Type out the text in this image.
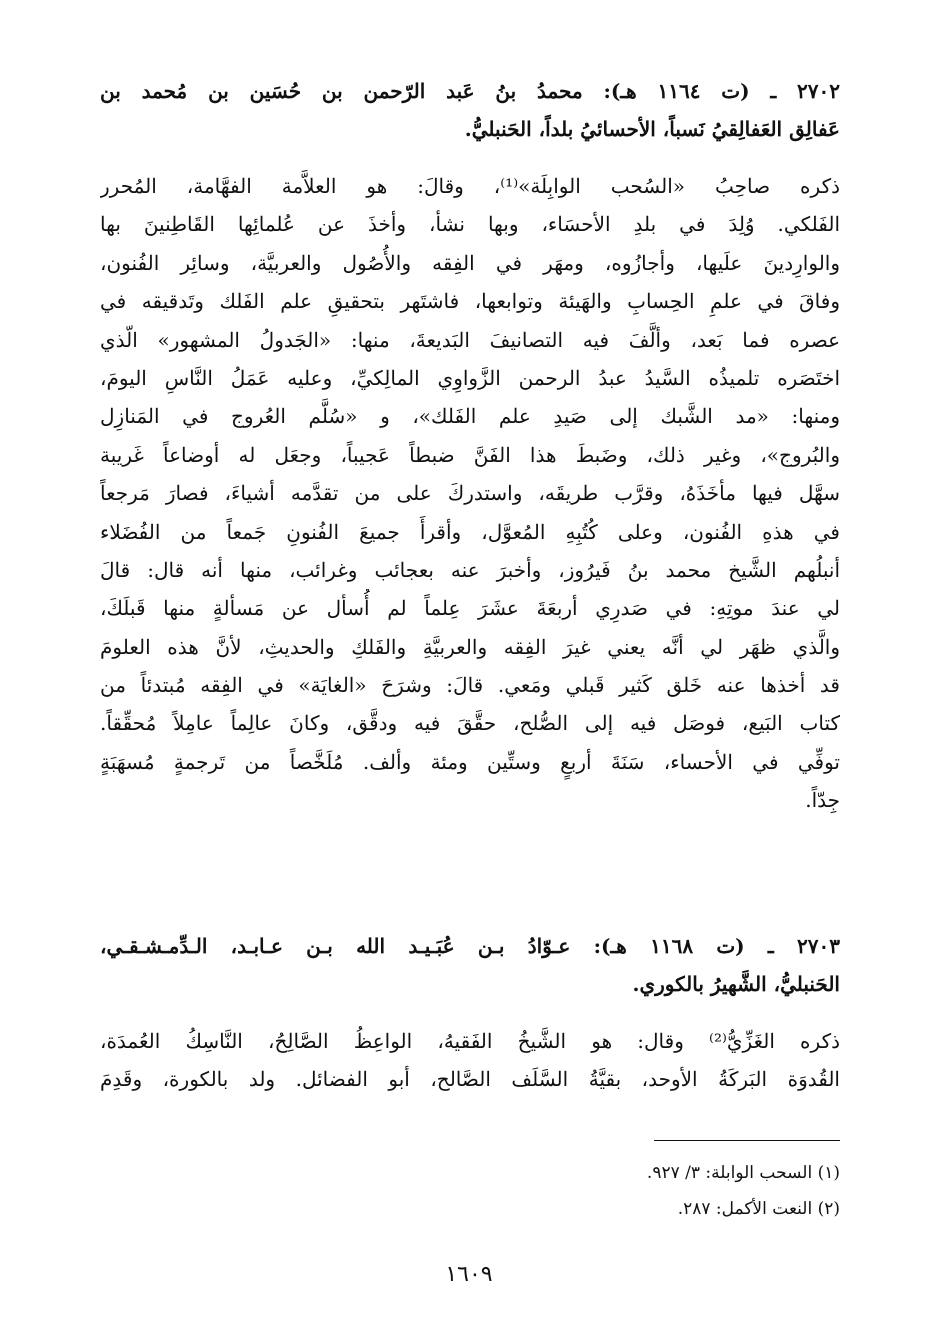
٢٧٠٢ ـ (ت ١١٦٤ هـ): محمدُ بنُ عَبد الرّحمن بن حُسَين بن مُحمد بن
عَفالِق العَفالِقيُ نَسباً، الأحسائيُ بلداً، الحَنبليُّ.
ذكره صاحِبُ «السُحب الوابِلَة»⁽¹⁾، وقالَ: هو العلاَّمة الفهَّامة، المُحرر
الفَلكي. وُلِدَ في بلدِ الأحسَاء، وبها نشأ، وأخذَ عن عُلمائِها القَاطِنينَ بها
والوارِدينَ علَيها، وأجازُوه، ومهَر في الفِقه والأُصُول والعربيَّة، وسائِر الفُنون،
وفاقَ في علمِ الحِسابِ والهَيئة وتوابعها، فاشتَهر بتحقيقِ علم الفَلك وتَدقيقه في
عصره فما بَعد، وألَّفَ فيه التصانيفَ البَديعةَ، منها: «الجَدولُ المشهور» الّذي
اختَصَره تلميذُه السَّيدُ عبدُ الرحمن الزَّواوِي المالِكيِّ، وعليه عَمَلُ النَّاسِ اليومَ،
ومنها: «مد الشَّبك إلى صَيدِ علم الفَلك»، و «سُلَّم العُروج في المَنازِل
والبُروج»، وغير ذلك، وضَبطَ هذا الفَنَّ ضبطاً عَجيباً، وجعَل له أوضاعاً غَريبة
سهَّل فيها مأخَذَهُ، وقرَّب طريقَه، واستدركَ على من تقدَّمه أشياءَ، فصارَ مَرجعاً
في هذهِ الفُنون، وعلى كُتُبِهِ المُعوَّل، وأقرأَ جميعَ الفُنونِ جَمعاً من الفُضَلاء
أنبلُهم الشَّيخ محمد بنُ فَيرُوز، وأخبرَ عنه بعجائب وغرائب، منها أنه قال: قالَ
لي عندَ موتِهِ: في صَدرِي أربعَةَ عشَرَ عِلماً لم أُسأل عن مَسألةٍ منها قَبلَكَ،
والَّذي ظهَر لي أنَّه يعني غيرَ الفِقه والعربيَّةِ والفَلكِ والحديثِ، لأنَّ هذه العلومَ
قد أخذها عنه خَلق كَثير قَبلي ومَعي. قالَ: وشرَحَ «الغايَة» في الفِقه مُبتدئاً من
كتاب البَيع، فوصَل فيه إلى الصُّلح، حقَّقَ فيه ودقَّق، وكانَ عالِماً عامِلاً مُحقِّقاً.
توفِّي في الأحساء، سَنَةَ أربعٍ وستِّين ومئة وألف. مُلَخَّصاً من تَرجمةٍ مُسهَبَةٍ
جِدّاً.
٢٧٠٣ ـ (ت ١١٦٨ هـ): عـوّادُ بـن عُبَـيـد الله بـن عـابـد، الـدِّمـشـقـي،
الحَنبليُّ، الشَّهيرُ بالكوري.
ذكره الغَزِّيُّ⁽²⁾ وقال: هو الشَّيخُ الفَقيهُ، الواعِظُ الصَّالِحُ، النَّاسِكُ العُمدَة،
القُدوَة البَركَةُ الأوحد، بقيَّةُ السَّلَف الصَّالح، أبو الفضائل. ولد بالكورة، وقَدِمَ
(١) السحب الوابلة: ٣/ ٩٢٧.
(٢) النعت الأكمل: ٢٨٧.
١٦٠٩
